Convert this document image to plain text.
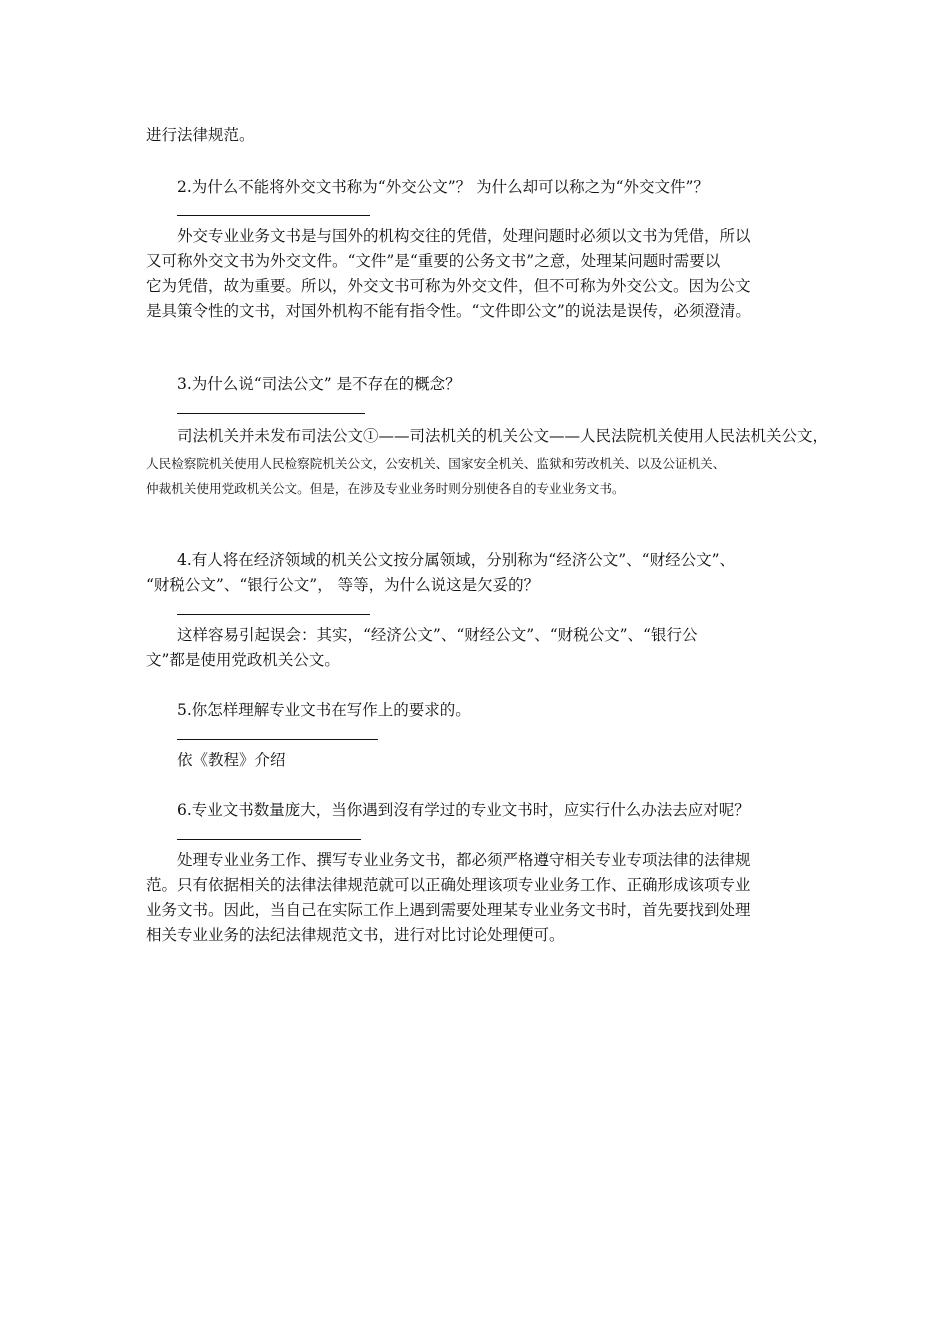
进行法律规范。
2.为什么不能将外交文书称为“外交公文”？ 为什么却可以称之为“外交文件”？
外交专业业务文书是与国外的机构交往的凭借，处理问题时必须以文书为凭借，所以
又可称外交文书为外交文件。“文件”是“重要的公务文书”之意，处理某问题时需要以
它为凭借，故为重要。所以，外交文书可称为外交文件，但不可称为外交公文。因为公文
是具策令性的文书，对国外机构不能有指令性。“文件即公文”的说法是误传，必须澄清。
3.为什么说“司法公文” 是不存在的概念？
司法机关并未发布司法公文①——司法机关的机关公文——人民法院机关使用人民法机关公文，
人民检察院机关使用人民检察院机关公文，公安机关、国家安全机关、监狱和劳改机关、以及公证机关、
仲裁机关使用党政机关公文。但是，在涉及专业业务时则分别使各自的专业业务文书。
4.有人将在经济领域的机关公文按分属领域，分别称为“经济公文”、“财经公文”、
“财税公文”、“银行公文”， 等等，为什么说这是欠妥的？
这样容易引起误会：其实，“经济公文”、“财经公文”、“财税公文”、“银行公
文”都是使用党政机关公文。
5.你怎样理解专业文书在写作上的要求的。
依《教程》介绍
6.专业文书数量庞大，当你遇到沒有学过的专业文书时，应实行什么办法去应对呢？
处理专业业务工作、撰写专业业务文书，都必须严格遵守相关专业专项法律的法律规
范。只有依据相关的法律法律规范就可以正确处理该项专业业务工作、正确形成该项专业
业务文书。因此，当自己在实际工作上遇到需要处理某专业业务文书时，首先要找到处理
相关专业业务的法纪法律规范文书，进行对比讨论处理便可。
